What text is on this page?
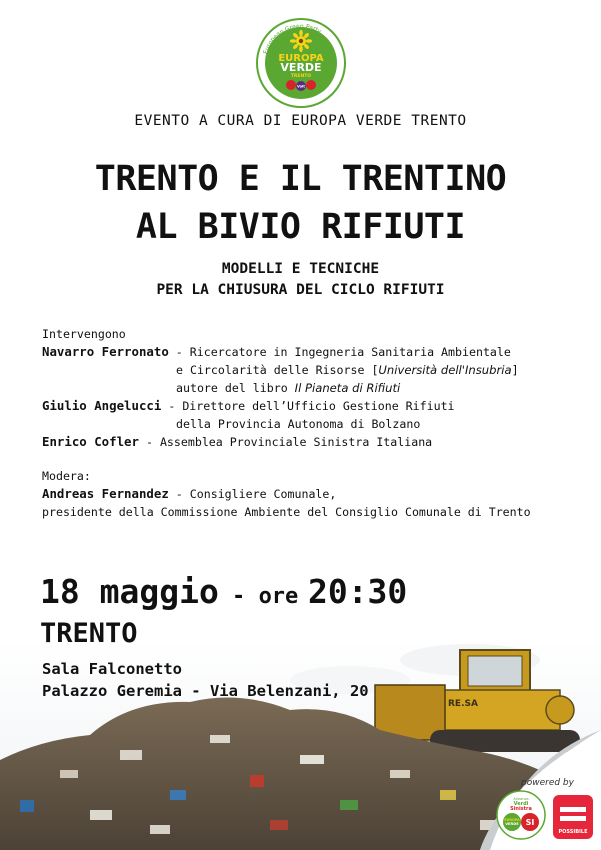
European Green Party
EUROPA
VERDE
TRENTO
Volt
EVENTO A CURA DI EUROPA VERDE TRENTO
TRENTO E IL TRENTINO
AL BIVIO RIFIUTI
MODELLI E TECNICHE
PER LA CHIUSURA DEL CICLO RIFIUTI
Intervengono
Navarro Ferronato - Ricercatore in Ingegneria Sanitaria Ambientale
e Circolarità delle Risorse [Università dell'Insubria]
autore del libro Il Pianeta di Rifiuti
Giulio Angelucci - Direttore dell’Ufficio Gestione Rifiuti
della Provincia Autonoma di Bolzano
Enrico Cofler - Assemblea Provinciale Sinistra Italiana
Modera:
Andreas Fernandez - Consigliere Comunale,
presidente della Commissione Ambiente del Consiglio Comunale di Trento
RE.SA
18 maggio - ore 20:30
TRENTO
Sala Falconetto
Palazzo Geremia - Via Belenzani, 20
powered by
Alleanza
Verdi
Sinistra
EUROPA
VERDE SI
POSSIBILE
